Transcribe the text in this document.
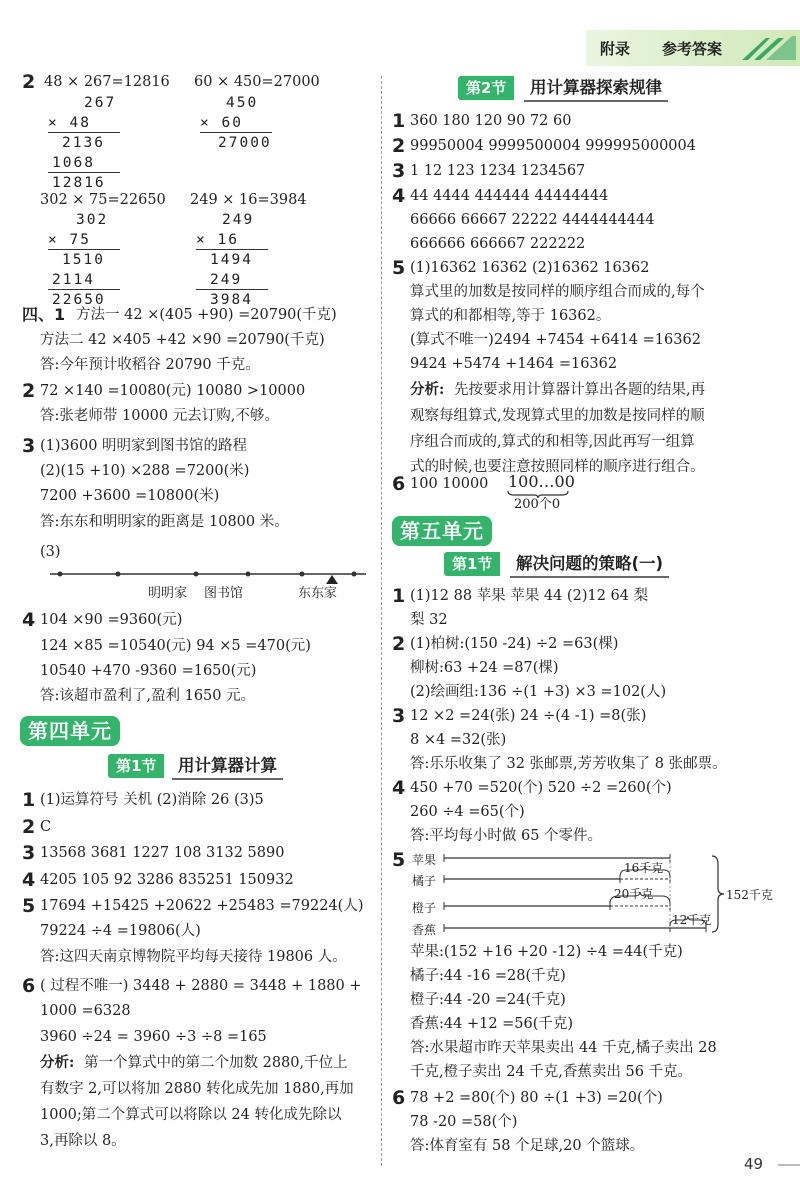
附录 参考答案
2 48 × 267=12816
267
× 48
2136
1068
12816
60 × 450=27000
450
× 60
27000
302 × 75=22650
302
× 75
1510
2114
22650
249 × 16=3984
249
× 16
1494
249
3984
四、1 方法一 42 ×(405 +90) =20790(千克)
方法二 42 ×405 +42 ×90 =20790(千克)
答:今年预计收稻谷 20790 千克。
2 72 ×140 =10080(元) 10080 >10000
答:张老师带 10000 元去订购,不够。
3 (1)3600 明明家到图书馆的路程
(2)(15 +10) ×288 =7200(米)
7200 +3600 =10800(米)
答:东东和明明家的距离是 10800 米。
(3)
明明家 图书馆	东东家
4 104 ×90 =9360(元)
124 ×85 =10540(元) 94 ×5 =470(元)
10540 +470 -9360 =1650(元)
答:该超市盈利了,盈利 1650 元。
第四单元
第1节	用计算器计算
1 (1)运算符号 关机 (2)消除 26 (3)5
2 C
3 13568 3681 1227 108 3132 5890
4 4205 105 92 3286 835251 150932
5 17694 +15425 +20622 +25483 =79224(人)
79224 ÷4 =19806(人)
答:这四天南京博物院平均每天接待 19806 人。
6 ( 过程不唯一) 3448 + 2880 = 3448 + 1880 +
1000 =6328
3960 ÷24 = 3960 ÷3 ÷8 =165
分析: 第一个算式中的第二个加数 2880,千位上
有数字 2,可以将加 2880 转化成先加 1880,再加
1000;第二个算式可以将除以 24 转化成先除以
3,再除以 8。
第2节	用计算器探索规律
1 360 180 120 90 72 60
2 99950004 9999500004 999995000004
3 1 12 123 1234 1234567
4 44 4444 444444 44444444
66666 66667 22222 4444444444
666666 666667 222222
5 (1)16362 16362 (2)16362 16362
算式里的加数是按同样的顺序组合而成的,每个
算式的和都相等,等于 16362。
(算式不唯一)2494 +7454 +6414 =16362
9424 +5474 +1464 =16362
分析: 先按要求用计算器计算出各题的结果,再
观察每组算式,发现算式里的加数是按同样的顺
序组合而成的,算式的和相等,因此再写一组算
式的时候,也要注意按照同样的顺序进行组合。
6 100 10000 100…00
200个0
第五单元
第1节	解决问题的策略(一)
1 (1)12 88 苹果 苹果 44 (2)12 64 梨
梨 32
2 (1)柏树:(150 -24) ÷2 =63(棵)
柳树:63 +24 =87(棵)
(2)绘画组:136 ÷(1 +3) ×3 =102(人)
3 12 ×2 =24(张) 24 ÷(4 -1) =8(张)
8 ×4 =32(张)
答:乐乐收集了 32 张邮票,芳芳收集了 8 张邮票。
4 450 +70 =520(个) 520 ÷2 =260(个)
260 ÷4 =65(个)
答:平均每小时做 65 个零件。
5 苹果
橘子
橙子
香蕉
16千克
20千克
12千克
152千克
苹果:(152 +16 +20 -12) ÷4 =44(千克)
橘子:44 -16 =28(千克)
橙子:44 -20 =24(千克)
香蕉:44 +12 =56(千克)
答:水果超市昨天苹果卖出 44 千克,橘子卖出 28
千克,橙子卖出 24 千克,香蕉卖出 56 千克。
6 78 +2 =80(个) 80 ÷(1 +3) =20(个)
78 -20 =58(个)
答:体育室有 58 个足球,20 个篮球。
49
